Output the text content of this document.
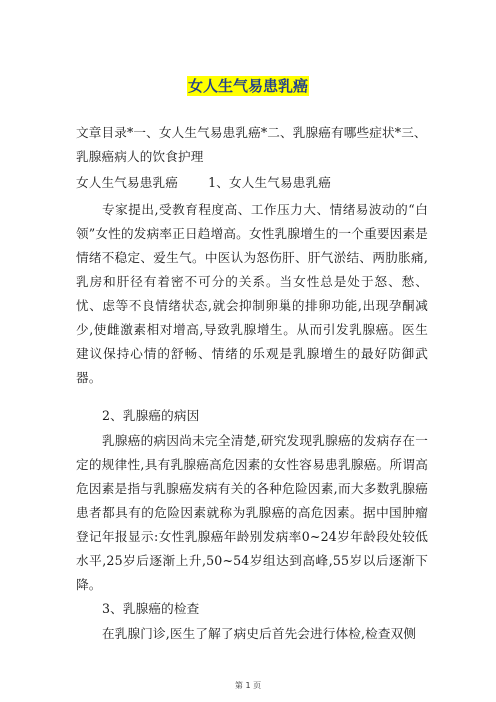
女人生气易患乳癌

文章目录*一、女人生气易患乳癌*二、乳腺癌有哪些症状*三、乳腺癌病人的饮食护理

女人生气易患乳癌 1、女人生气易患乳癌

专家提出,受教育程度高、工作压力大、情绪易波动的“白领”女性的发病率正日趋增高。女性乳腺增生的一个重要因素是情绪不稳定、爱生气。中医认为怒伤肝、肝气淤结、两肋胀痛,乳房和肝径有着密不可分的关系。当女性总是处于怒、愁、忧、虑等不良情绪状态,就会抑制卵巢的排卵功能,出现孕酮减少,使雌激素相对增高,导致乳腺增生。从而引发乳腺癌。医生建议保持心情的舒畅、情绪的乐观是乳腺增生的最好防御武器。

2、乳腺癌的病因

乳腺癌的病因尚未完全清楚,研究发现乳腺癌的发病存在一定的规律性,具有乳腺癌高危因素的女性容易患乳腺癌。所谓高危因素是指与乳腺癌发病有关的各种危险因素,而大多数乳腺癌患者都具有的危险因素就称为乳腺癌的高危因素。据中国肿瘤登记年报显示:女性乳腺癌年龄别发病率0~24岁年龄段处较低水平,25岁后逐渐上升,50~54岁组达到高峰,55岁以后逐渐下降。

3、乳腺癌的检查

在乳腺门诊,医生了解了病史后首先会进行体检,检查双侧

第 1 页
